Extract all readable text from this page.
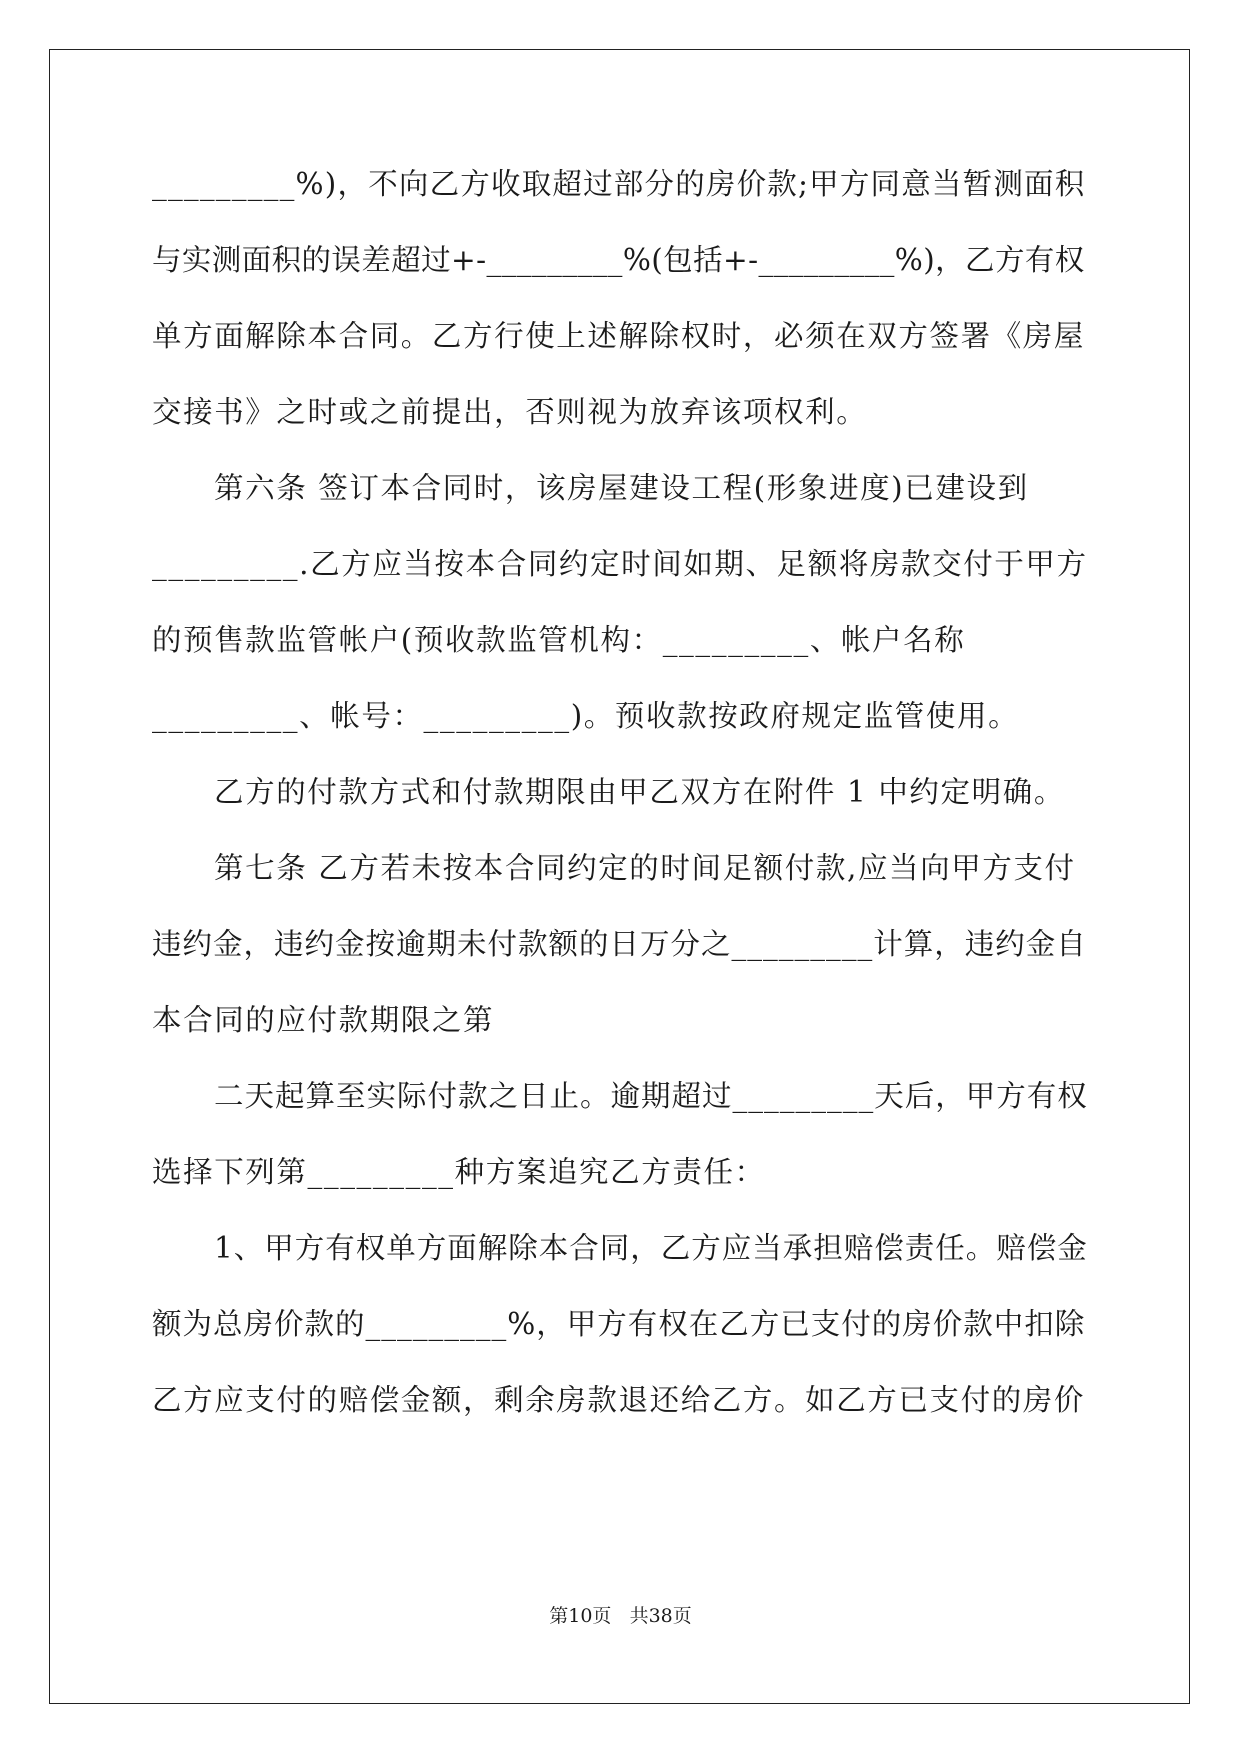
_________%)，不向乙方收取超过部分的房价款;甲方同意当暂测面积
与实测面积的误差超过+-_________%(包括+-_________%)，乙方有权
单方面解除本合同。乙方行使上述解除权时，必须在双方签署《房屋
交接书》之时或之前提出，否则视为放弃该项权利。
第六条 签订本合同时，该房屋建设工程(形象进度)已建设到
_________.乙方应当按本合同约定时间如期、足额将房款交付于甲方
的预售款监管帐户(预收款监管机构：_________、帐户名称
_________、帐号：_________)。预收款按政府规定监管使用。
乙方的付款方式和付款期限由甲乙双方在附件 1 中约定明确。
第七条 乙方若未按本合同约定的时间足额付款,应当向甲方支付
违约金，违约金按逾期未付款额的日万分之_________计算，违约金自
本合同的应付款期限之第
二天起算至实际付款之日止。逾期超过_________天后，甲方有权
选择下列第_________种方案追究乙方责任：
1、甲方有权单方面解除本合同，乙方应当承担赔偿责任。赔偿金
额为总房价款的_________%，甲方有权在乙方已支付的房价款中扣除
乙方应支付的赔偿金额，剩余房款退还给乙方。如乙方已支付的房价
第10页 共38页
